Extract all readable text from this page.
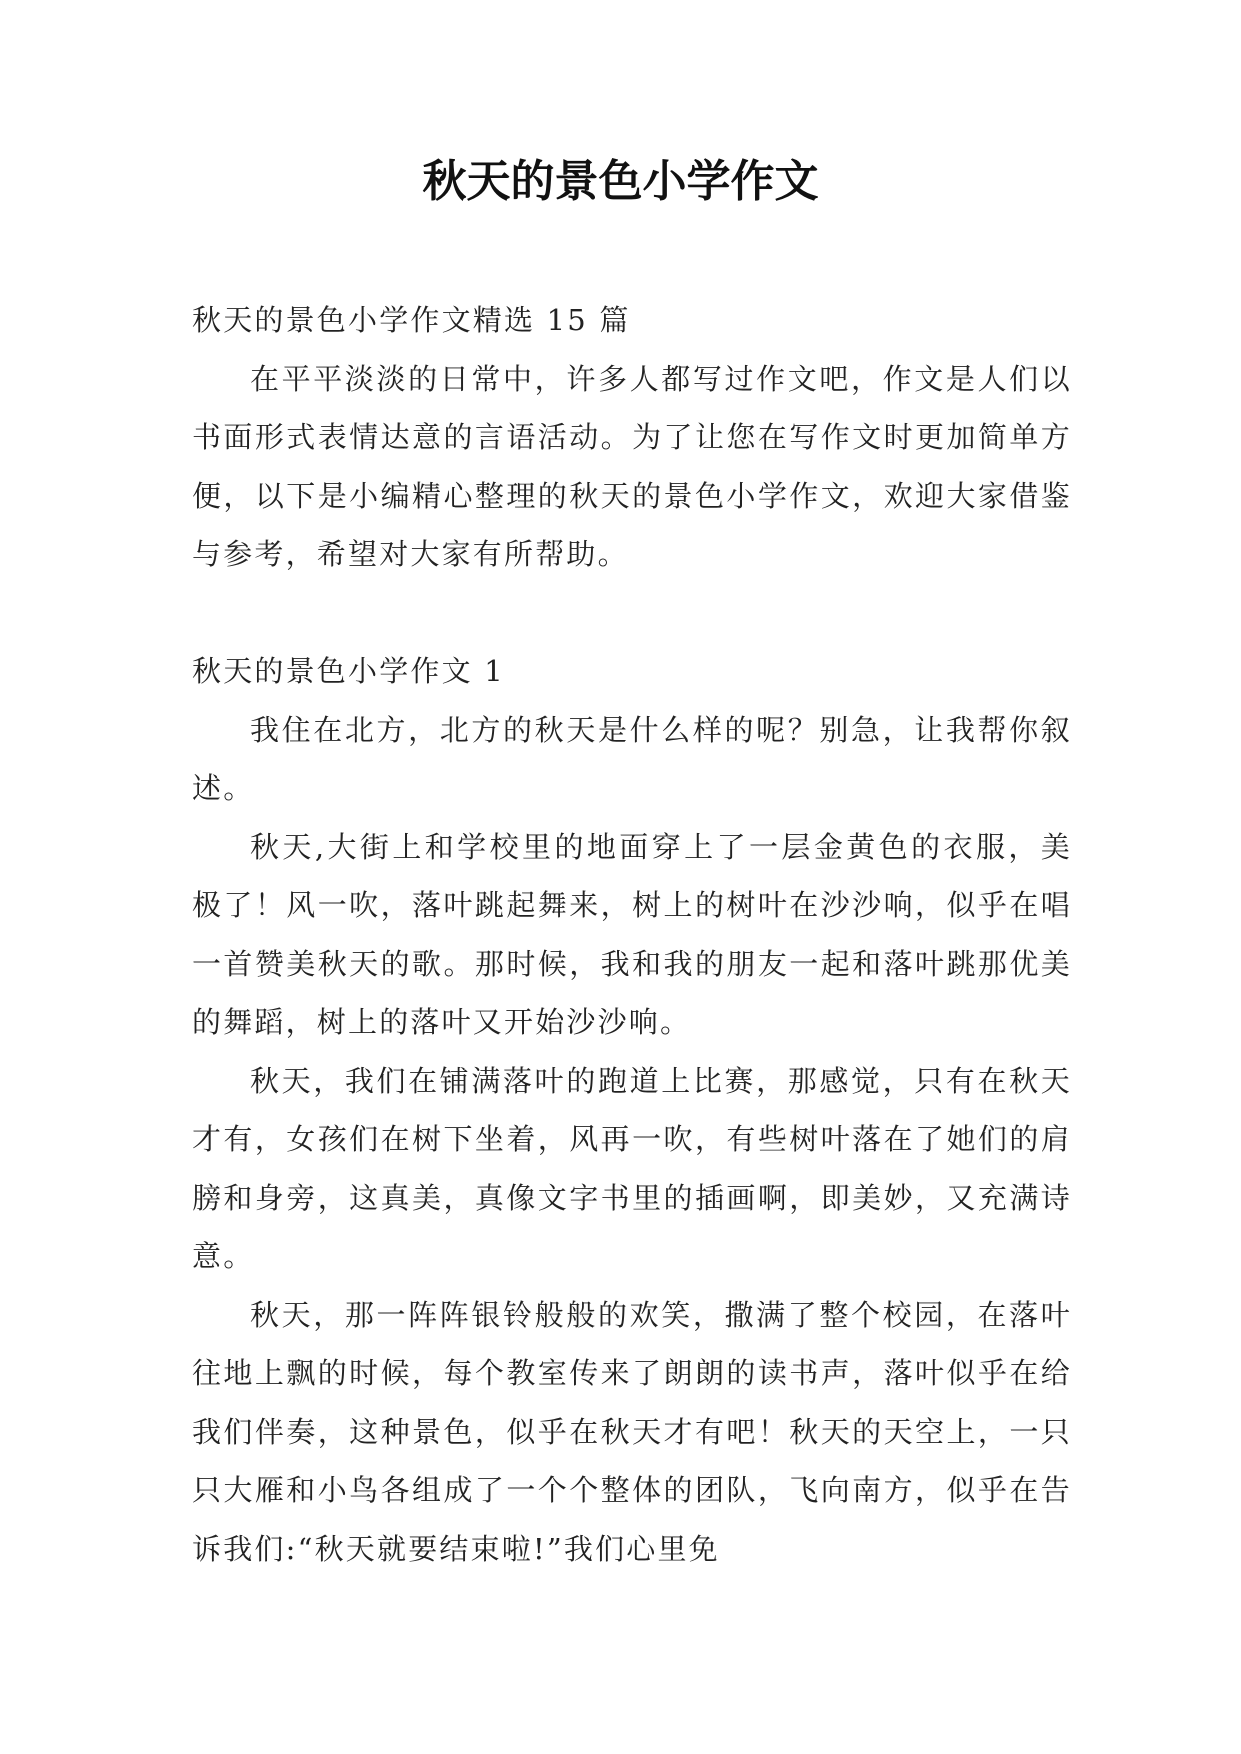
秋天的景色小学作文

秋天的景色小学作文精选 15 篇

在平平淡淡的日常中，许多人都写过作文吧，作文是人们以书面形式表情达意的言语活动。为了让您在写作文时更加简单方便，以下是小编精心整理的秋天的景色小学作文，欢迎大家借鉴与参考，希望对大家有所帮助。

秋天的景色小学作文 1

我住在北方，北方的秋天是什么样的呢？别急，让我帮你叙述。

秋天,大街上和学校里的地面穿上了一层金黄色的衣服，美极了！风一吹，落叶跳起舞来，树上的树叶在沙沙响，似乎在唱一首赞美秋天的歌。那时候，我和我的朋友一起和落叶跳那优美的舞蹈，树上的落叶又开始沙沙响。

秋天，我们在铺满落叶的跑道上比赛，那感觉，只有在秋天才有，女孩们在树下坐着，风再一吹，有些树叶落在了她们的肩膀和身旁，这真美，真像文字书里的插画啊，即美妙，又充满诗意。

秋天，那一阵阵银铃般般的欢笑，撒满了整个校园，在落叶往地上飘的时候，每个教室传来了朗朗的读书声，落叶似乎在给我们伴奏，这种景色，似乎在秋天才有吧！秋天的天空上，一只只大雁和小鸟各组成了一个个整体的团队，飞向南方，似乎在告诉我们:“秋天就要结束啦!”我们心里免
